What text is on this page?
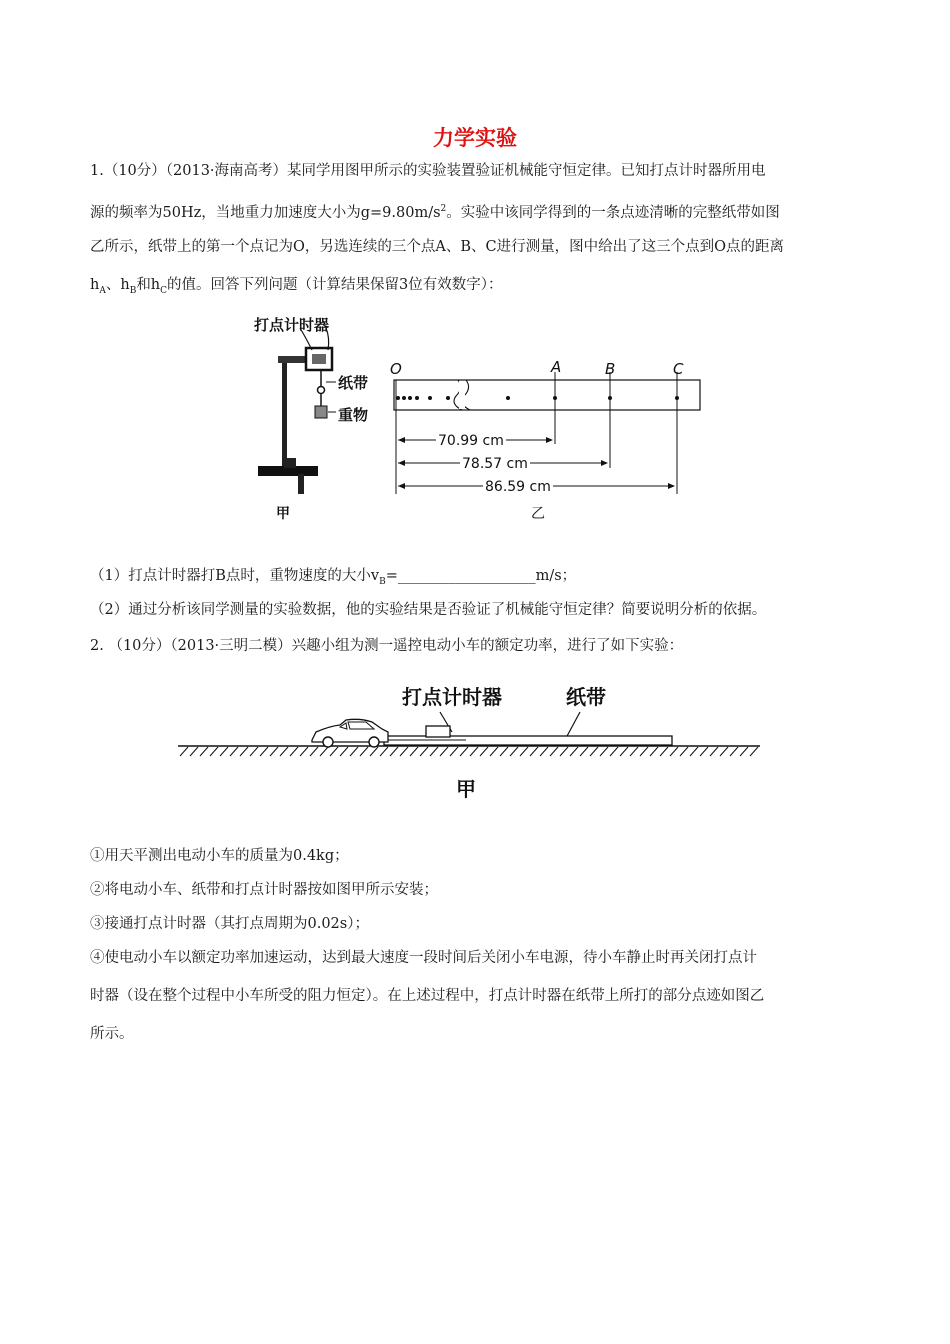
力学实验
1.（10分）（2013·海南高考）某同学用图甲所示的实验装置验证机械能守恒定律。已知打点计时器所用电
源的频率为50Hz，当地重力加速度大小为$g=9.80m/s^2$。实验中该同学得到的一条点迹清晰的完整纸带如图
乙所示，纸带上的第一个点记为O，另选连续的三个点A、B、C进行测量，图中给出了这三个点到O点的距离
$h_A$、$h_B$和$h_C$的值。回答下列问题（计算结果保留3位有效数字）：
打点计时器
纸带
重物
甲
O	A	B	C
70.99 cm
78.57 cm
86.59 cm
乙
（1）打点计时器打B点时，重物速度的大小$v_B=\_\_\_\_\_\_\_\_\_\_\_\_\_\_\_\_\_\_\_m/s$；
（2）通过分析该同学测量的实验数据，他的实验结果是否验证了机械能守恒定律？简要说明分析的依据。
2. （10分）（2013·三明二模）兴趣小组为测一遥控电动小车的额定功率，进行了如下实验：
打点计时器	纸带
甲
①用天平测出电动小车的质量为0.4kg；
②将电动小车、纸带和打点计时器按如图甲所示安装；
③接通打点计时器（其打点周期为0.02s）；
④使电动小车以额定功率加速运动，达到最大速度一段时间后关闭小车电源，待小车静止时再关闭打点计
时器（设在整个过程中小车所受的阻力恒定）。在上述过程中，打点计时器在纸带上所打的部分点迹如图乙
所示。
